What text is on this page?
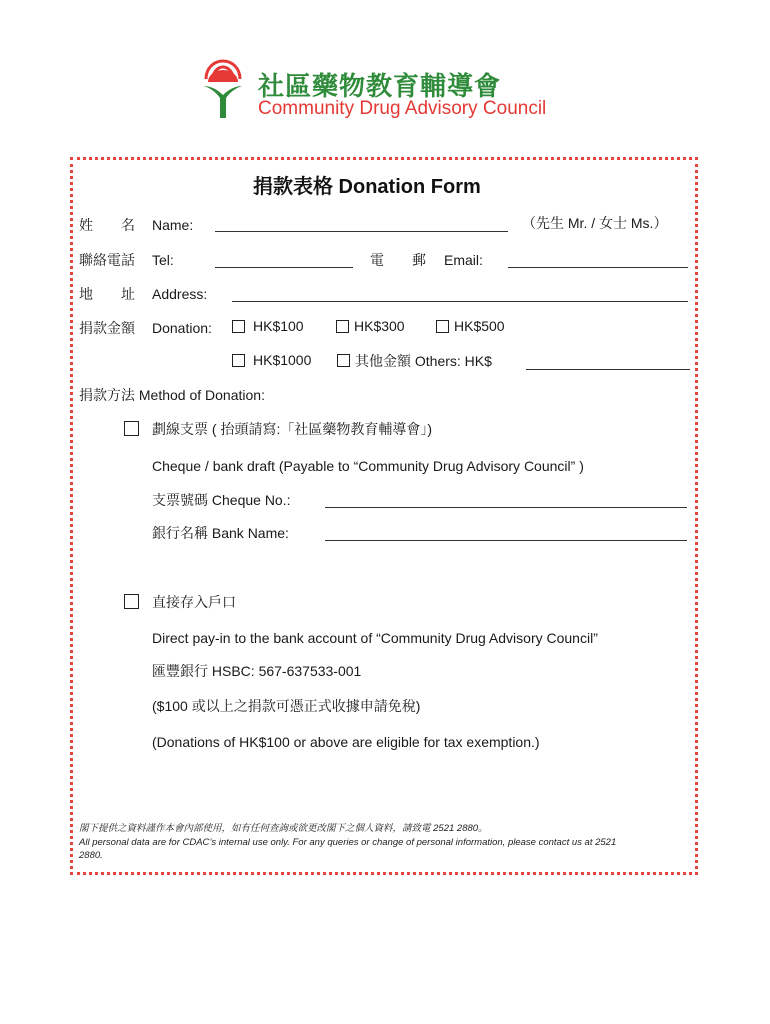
社區藥物教育輔導會
Community Drug Advisory Council
捐款表格 Donation Form
姓　　名 Name:	（先生 Mr. / 女士 Ms.）
聯絡電話 Tel:	電　　郵 Email:
地　　址 Address:
捐款金額 Donation:	HK$100	HK$300	HK$500
HK$1000	其他金額 Others: HK$
捐款方法 Method of Donation:
劃線支票 ( 抬頭請寫:「社區藥物教育輔導會」)
Cheque / bank draft (Payable to “Community Drug Advisory Council” )
支票號碼 Cheque No.:
銀行名稱 Bank Name:
直接存入戶口
Direct pay-in to the bank account of “Community Drug Advisory Council”
匯豐銀行 HSBC: 567-637533-001
($100 或以上之捐款可憑正式收據申請免稅)
(Donations of HK$100 or above are eligible for tax exemption.)
閣下提供之資料謹作本會內部使用，如有任何查詢或欲更改閣下之個人資料，請致電 2521 2880。
All personal data are for CDAC’s internal use only. For any queries or change of personal information, please contact us at 2521 2880.
